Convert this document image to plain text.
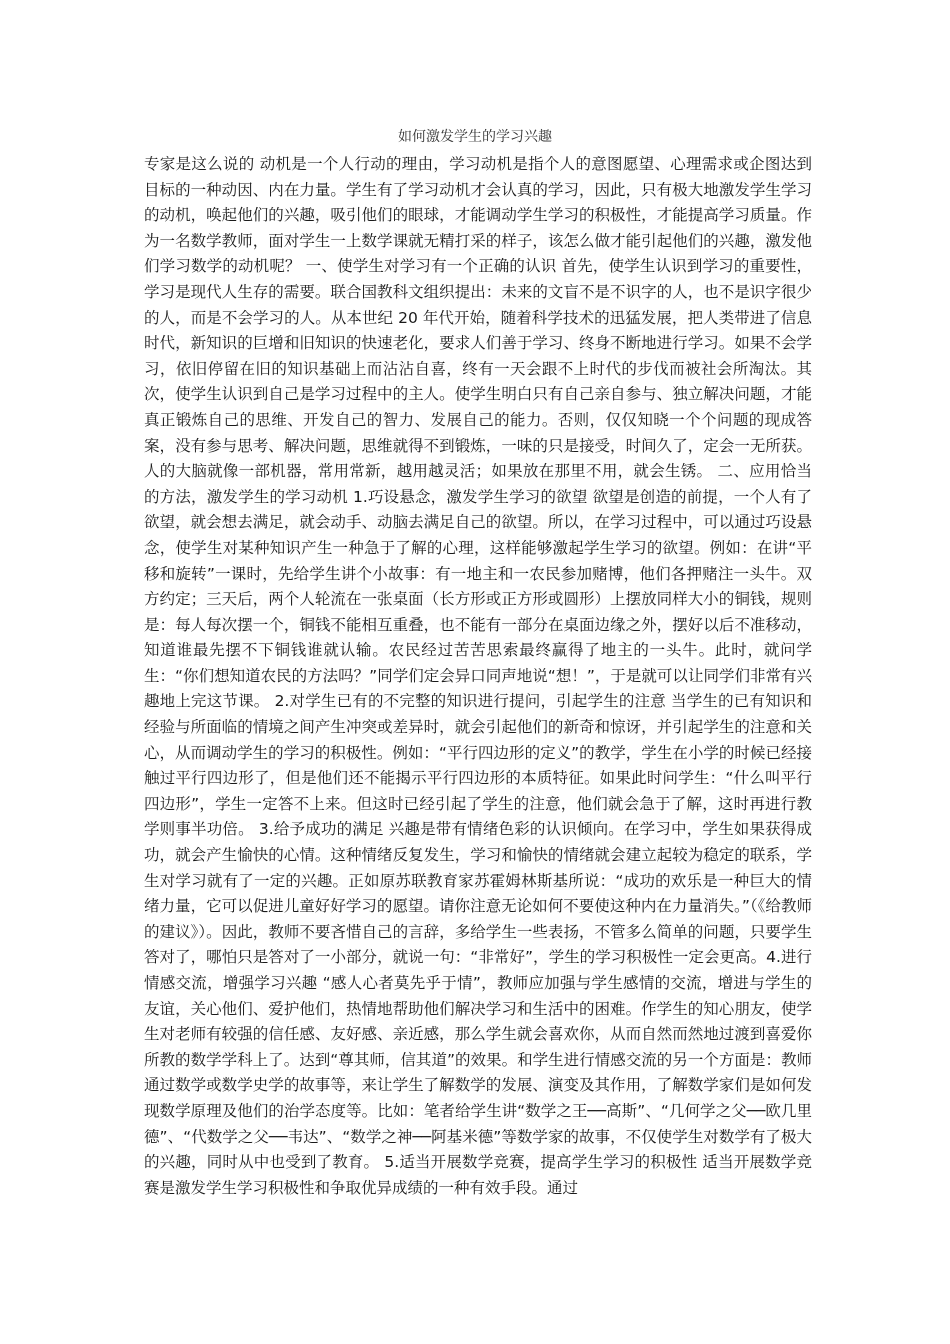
如何激发学生的学习兴趣
专家是这么说的 动机是一个人行动的理由，学习动机是指个人的意图愿望、心理需求或企图达到目标的一种动因、内在力量。学生有了学习动机才会认真的学习，因此，只有极大地激发学生学习的动机，唤起他们的兴趣，吸引他们的眼球，才能调动学生学习的积极性，才能提高学习质量。作为一名数学教师，面对学生一上数学课就无精打采的样子，该怎么做才能引起他们的兴趣，激发他们学习数学的动机呢？ 一、使学生对学习有一个正确的认识 首先，使学生认识到学习的重要性，学习是现代人生存的需要。联合国教科文组织提出：未来的文盲不是不识字的人，也不是识字很少的人，而是不会学习的人。从本世纪 20 年代开始，随着科学技术的迅猛发展，把人类带进了信息时代，新知识的巨增和旧知识的快速老化，要求人们善于学习、终身不断地进行学习。如果不会学习，依旧停留在旧的知识基础上而沾沾自喜，终有一天会跟不上时代的步伐而被社会所淘汰。其次，使学生认识到自己是学习过程中的主人。使学生明白只有自己亲自参与、独立解决问题，才能真正锻炼自己的思维、开发自己的智力、发展自己的能力。否则，仅仅知晓一个个问题的现成答案，没有参与思考、解决问题，思维就得不到锻炼，一味的只是接受，时间久了，定会一无所获。人的大脑就像一部机器，常用常新，越用越灵活；如果放在那里不用，就会生锈。 二、应用恰当的方法，激发学生的学习动机 1.巧设悬念，激发学生学习的欲望 欲望是创造的前提，一个人有了欲望，就会想去满足，就会动手、动脑去满足自己的欲望。所以，在学习过程中，可以通过巧设悬念，使学生对某种知识产生一种急于了解的心理，这样能够激起学生学习的欲望。例如：在讲“平移和旋转”一课时，先给学生讲个小故事：有一地主和一农民参加赌博，他们各押赌注一头牛。双方约定；三天后，两个人轮流在一张桌面（长方形或正方形或圆形）上摆放同样大小的铜钱，规则是：每人每次摆一个，铜钱不能相互重叠，也不能有一部分在桌面边缘之外，摆好以后不准移动，知道谁最先摆不下铜钱谁就认输。农民经过苦苦思索最终赢得了地主的一头牛。此时，就问学生：“你们想知道农民的方法吗？”同学们定会异口同声地说“想！”，于是就可以让同学们非常有兴趣地上完这节课。 2.对学生已有的不完整的知识进行提问，引起学生的注意 当学生的已有知识和经验与所面临的情境之间产生冲突或差异时，就会引起他们的新奇和惊讶，并引起学生的注意和关心，从而调动学生的学习的积极性。例如：“平行四边形的定义”的教学，学生在小学的时候已经接触过平行四边形了，但是他们还不能揭示平行四边形的本质特征。如果此时问学生：“什么叫平行四边形”，学生一定答不上来。但这时已经引起了学生的注意，他们就会急于了解，这时再进行教学则事半功倍。 3.给予成功的满足 兴趣是带有情绪色彩的认识倾向。在学习中，学生如果获得成功，就会产生愉快的心情。这种情绪反复发生，学习和愉快的情绪就会建立起较为稳定的联系，学生对学习就有了一定的兴趣。正如原苏联教育家苏霍姆林斯基所说：“成功的欢乐是一种巨大的情绪力量，它可以促进儿童好好学习的愿望。请你注意无论如何不要使这种内在力量消失。”（《给教师的建议》）。因此，教师不要吝惜自己的言辞，多给学生一些表扬，不管多么简单的问题，只要学生答对了，哪怕只是答对了一小部分，就说一句：“非常好”，学生的学习积极性一定会更高。4.进行情感交流，增强学习兴趣 “感人心者莫先乎于情”，教师应加强与学生感情的交流，增进与学生的友谊，关心他们、爱护他们，热情地帮助他们解决学习和生活中的困难。作学生的知心朋友，使学生对老师有较强的信任感、友好感、亲近感，那么学生就会喜欢你，从而自然而然地过渡到喜爱你所教的数学学科上了。达到“尊其师，信其道”的效果。和学生进行情感交流的另一个方面是：教师通过数学或数学史学的故事等，来让学生了解数学的发展、演变及其作用，了解数学家们是如何发现数学原理及他们的治学态度等。比如：笔者给学生讲“数学之王──高斯”、“几何学之父──欧几里德”、“代数学之父──韦达”、“数学之神──阿基米德”等数学家的故事，不仅使学生对数学有了极大的兴趣，同时从中也受到了教育。 5.适当开展数学竞赛，提高学生学习的积极性 适当开展数学竞赛是激发学生学习积极性和争取优异成绩的一种有效手段。通过
